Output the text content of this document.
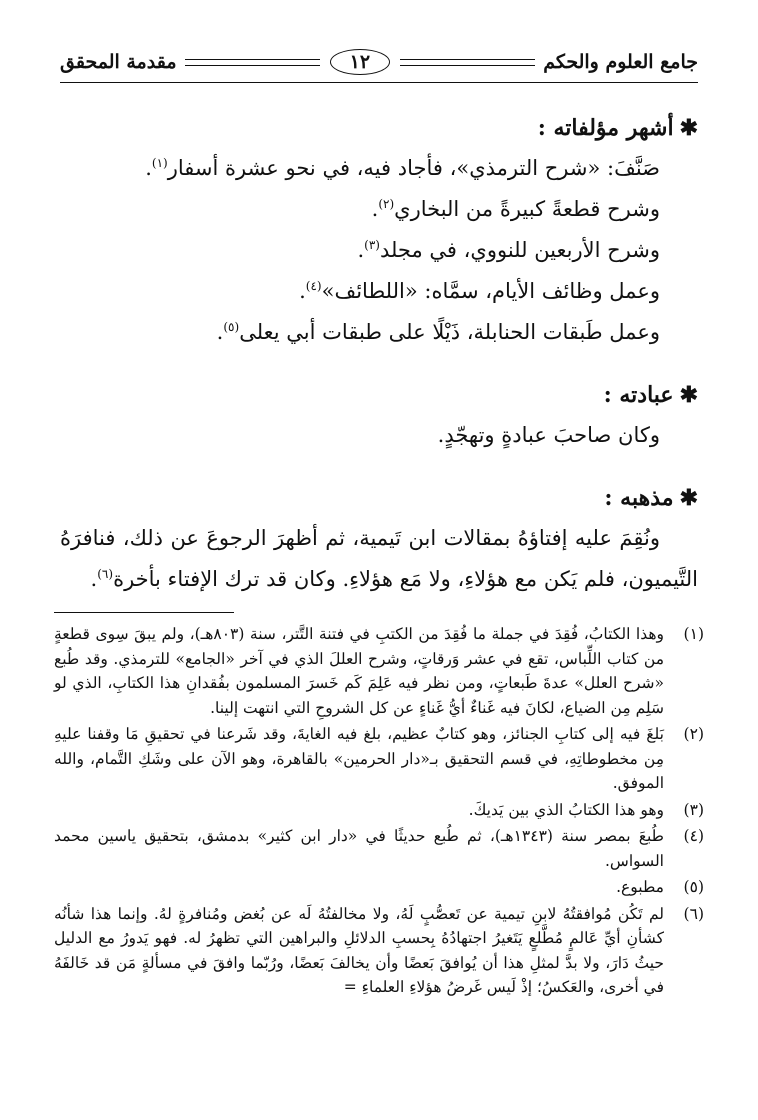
جامع العلوم والحكم
١٢
مقدمة المحقق
✱أشهر مؤلفاته :
صَنَّفَ: «شرح الترمذي»، فأجاد فيه، في نحو عشرة أسفار$^{(١)}$.
وشرح قطعةً كبيرةً من البخاري$^{(٢)}$.
وشرح الأربعين للنووي، في مجلد$^{(٣)}$.
وعمل وظائف الأيام، سمَّاه: «اللطائف»$^{(٤)}$.
وعمل طَبقات الحنابلة، ذَيْلًا على طبقات أبي يعلى$^{(٥)}$.
✱عبادته :
وكان صاحبَ عبادةٍ وتهجّدٍ.
✱مذهبه :
ونُقِمَ عليه إفتاؤهُ بمقالات ابن تَيمية، ثم أظهرَ الرجوعَ عن ذلك، فنافرَهُ التَّيميون، فلم يَكن مع هؤلاءِ، ولا مَع هؤلاءِ. وكان قد ترك الإفتاء بأخرة$^{(٦)}$.
(١)
وهذا الكتابُ، فُقِدَ في جملة ما فُقِدَ من الكتبِ في فتنة التَّتر، سنة (٨٠٣هـ)، ولم يبقَ سِوى قطعةٍ من كتاب اللِّباس، تقع في عشر وَرقاتٍ، وشرح العللَ الذي في آخر «الجامع» للترمذي. وقد طُبع «شرح العلل» عدةَ طَبعاتٍ، ومن نظر فيه عَلِمَ كَم خَسرَ المسلمون بفُقدانِ هذا الكتابِ، الذي لو سَلِم مِن الضياع، لكانَ فيه غَناءٌ أيُّ غَناءٍ عن كل الشروحِ التي انتهت إلينا.
(٢)
بَلغَ فيه إلى كتابِ الجنائز، وهو كتابٌ عظيم، بلغ فيه الغايةَ، وقد شَرعنا في تحقيقِ مَا وقفنا عليهِ مِن مخطوطاتِهِ، في قسم التحقيق بـ«دار الحرمين» بالقاهرة، وهو الآن على وشَكِ التَّمام، والله الموفق.
(٣)
وهو هذا الكتابُ الذي بين يَديكَ.
(٤)
طُبعَ بمصر سنة (١٣٤٣هـ)، ثم طُبع حديثًا في «دار ابن كثير» بدمشق، بتحقيق ياسين محمد السواس.
(٥)
مطبوع.
(٦)
لم تَكُن مُوافقتُهُ لابنِ تيمية عن تَعصُّبٍ لَهُ، ولا مخالفتُهُ لَه عن بُغض ومُنافرةٍ لهُ. وإنما هذا شأنُه كشأنِ أيِّ عَالمٍ مُطَّلعٍ يَتَغيرُ اجتهادُهُ بِحسبِ الدلائلِ والبراهين التي تظهرُ له. فهو يَدورُ مع الدليل حيثُ دَارَ، ولا بدَّ لمثلِ هذا أن يُوافقَ بَعضًا وأن يخالفَ بَعضًا، ورُبّما وافقَ في مسألةٍ مَن قد خَالفَهُ في أخرى، والعَكسُ؛ إذْ لَيس غَرضُ هؤلاءِ العلماءِ =
